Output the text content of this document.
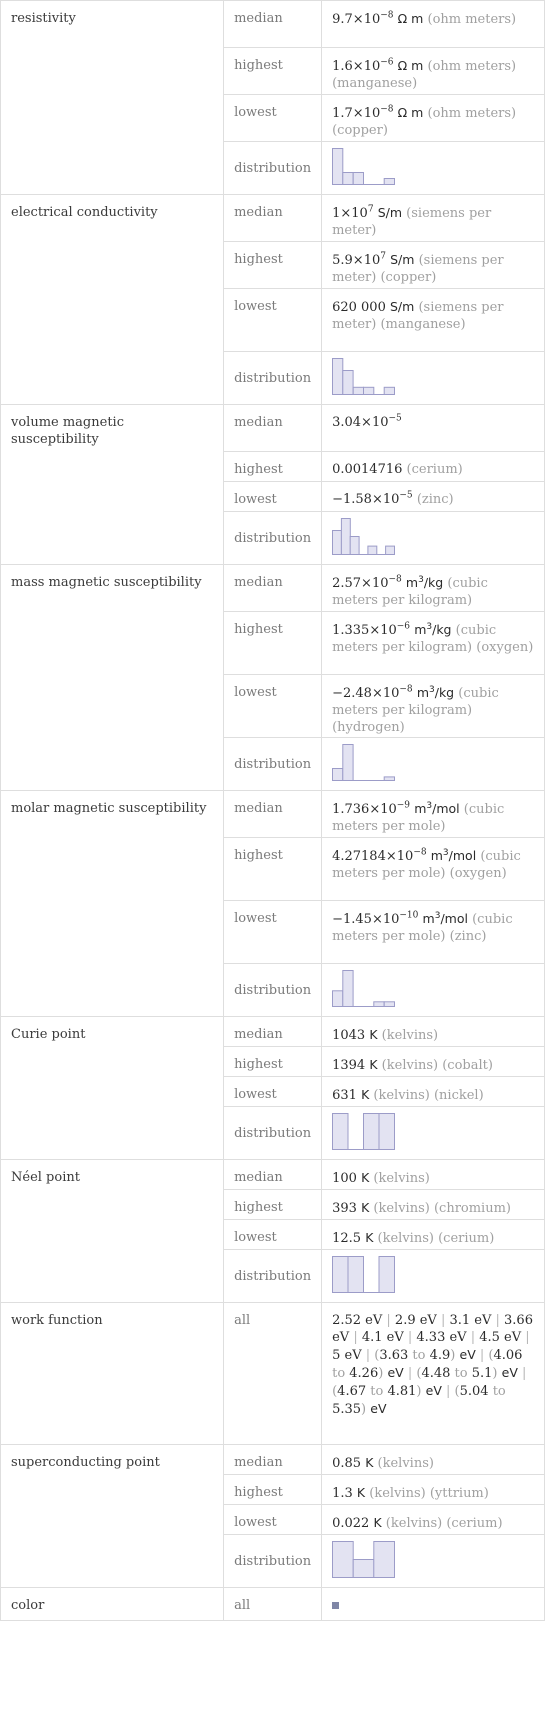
resistivity	median	$9.7\times 10^{-8}$ Ω m (ohm meters)
	highest	$1.6\times 10^{-6}$ Ω m (ohm meters) (manganese)
	lowest	$1.7\times 10^{-8}$ Ω m (ohm meters) (copper)
	distribution	
electrical conductivity	median	$1\times 10^7$ S/m (siemens per meter)
	highest	$5.9\times 10^7$ S/m (siemens per meter) (copper)
	lowest	620 000 S/m (siemens per meter) (manganese)
	distribution	
volume magnetic susceptibility	median	$3.04\times 10^{-5}$
	highest	0.0014716 (cerium)
	lowest	$-1.58\times 10^{-5}$ (zinc)
	distribution	
mass magnetic susceptibility	median	$2.57\times 10^{-8}$ $m^3/kg$ (cubic meters per kilogram)
	highest	$1.335\times 10^{-6}$ $m^3/kg$ (cubic meters per kilogram) (oxygen)
	lowest	$-2.48\times 10^{-8}$ $m^3/kg$ (cubic meters per kilogram) (hydrogen)
	distribution	
molar magnetic susceptibility	median	$1.736\times 10^{-9}$ $m^3$/mol (cubic meters per mole)
	highest	$4.27184\times 10^{-8}$ $m^3$/mol (cubic meters per mole) (oxygen)
	lowest	$-1.45\times 10^{-10}$ $m^3$/mol (cubic meters per mole) (zinc)
	distribution	
Curie point	median	1043 K (kelvins)
	highest	1394 K (kelvins) (cobalt)
	lowest	631 K (kelvins) (nickel)
	distribution	
Néel point	median	100 K (kelvins)
	highest	393 K (kelvins) (chromium)
	lowest	12.5 K (kelvins) (cerium)
	distribution	
work function	all	2.52 eV | 2.9 eV | 3.1 eV | 3.66 eV | 4.1 eV | 4.33 eV | 4.5 eV | 5 eV | (3.63 to 4.9) eV | (4.06 to 4.26) eV | (4.48 to 5.1) eV | (4.67 to 4.81) eV | (5.04 to 5.35) eV
superconducting point	median	0.85 K (kelvins)
	highest	1.3 K (kelvins) (yttrium)
	lowest	0.022 K (kelvins) (cerium)
	distribution	
color	all	
